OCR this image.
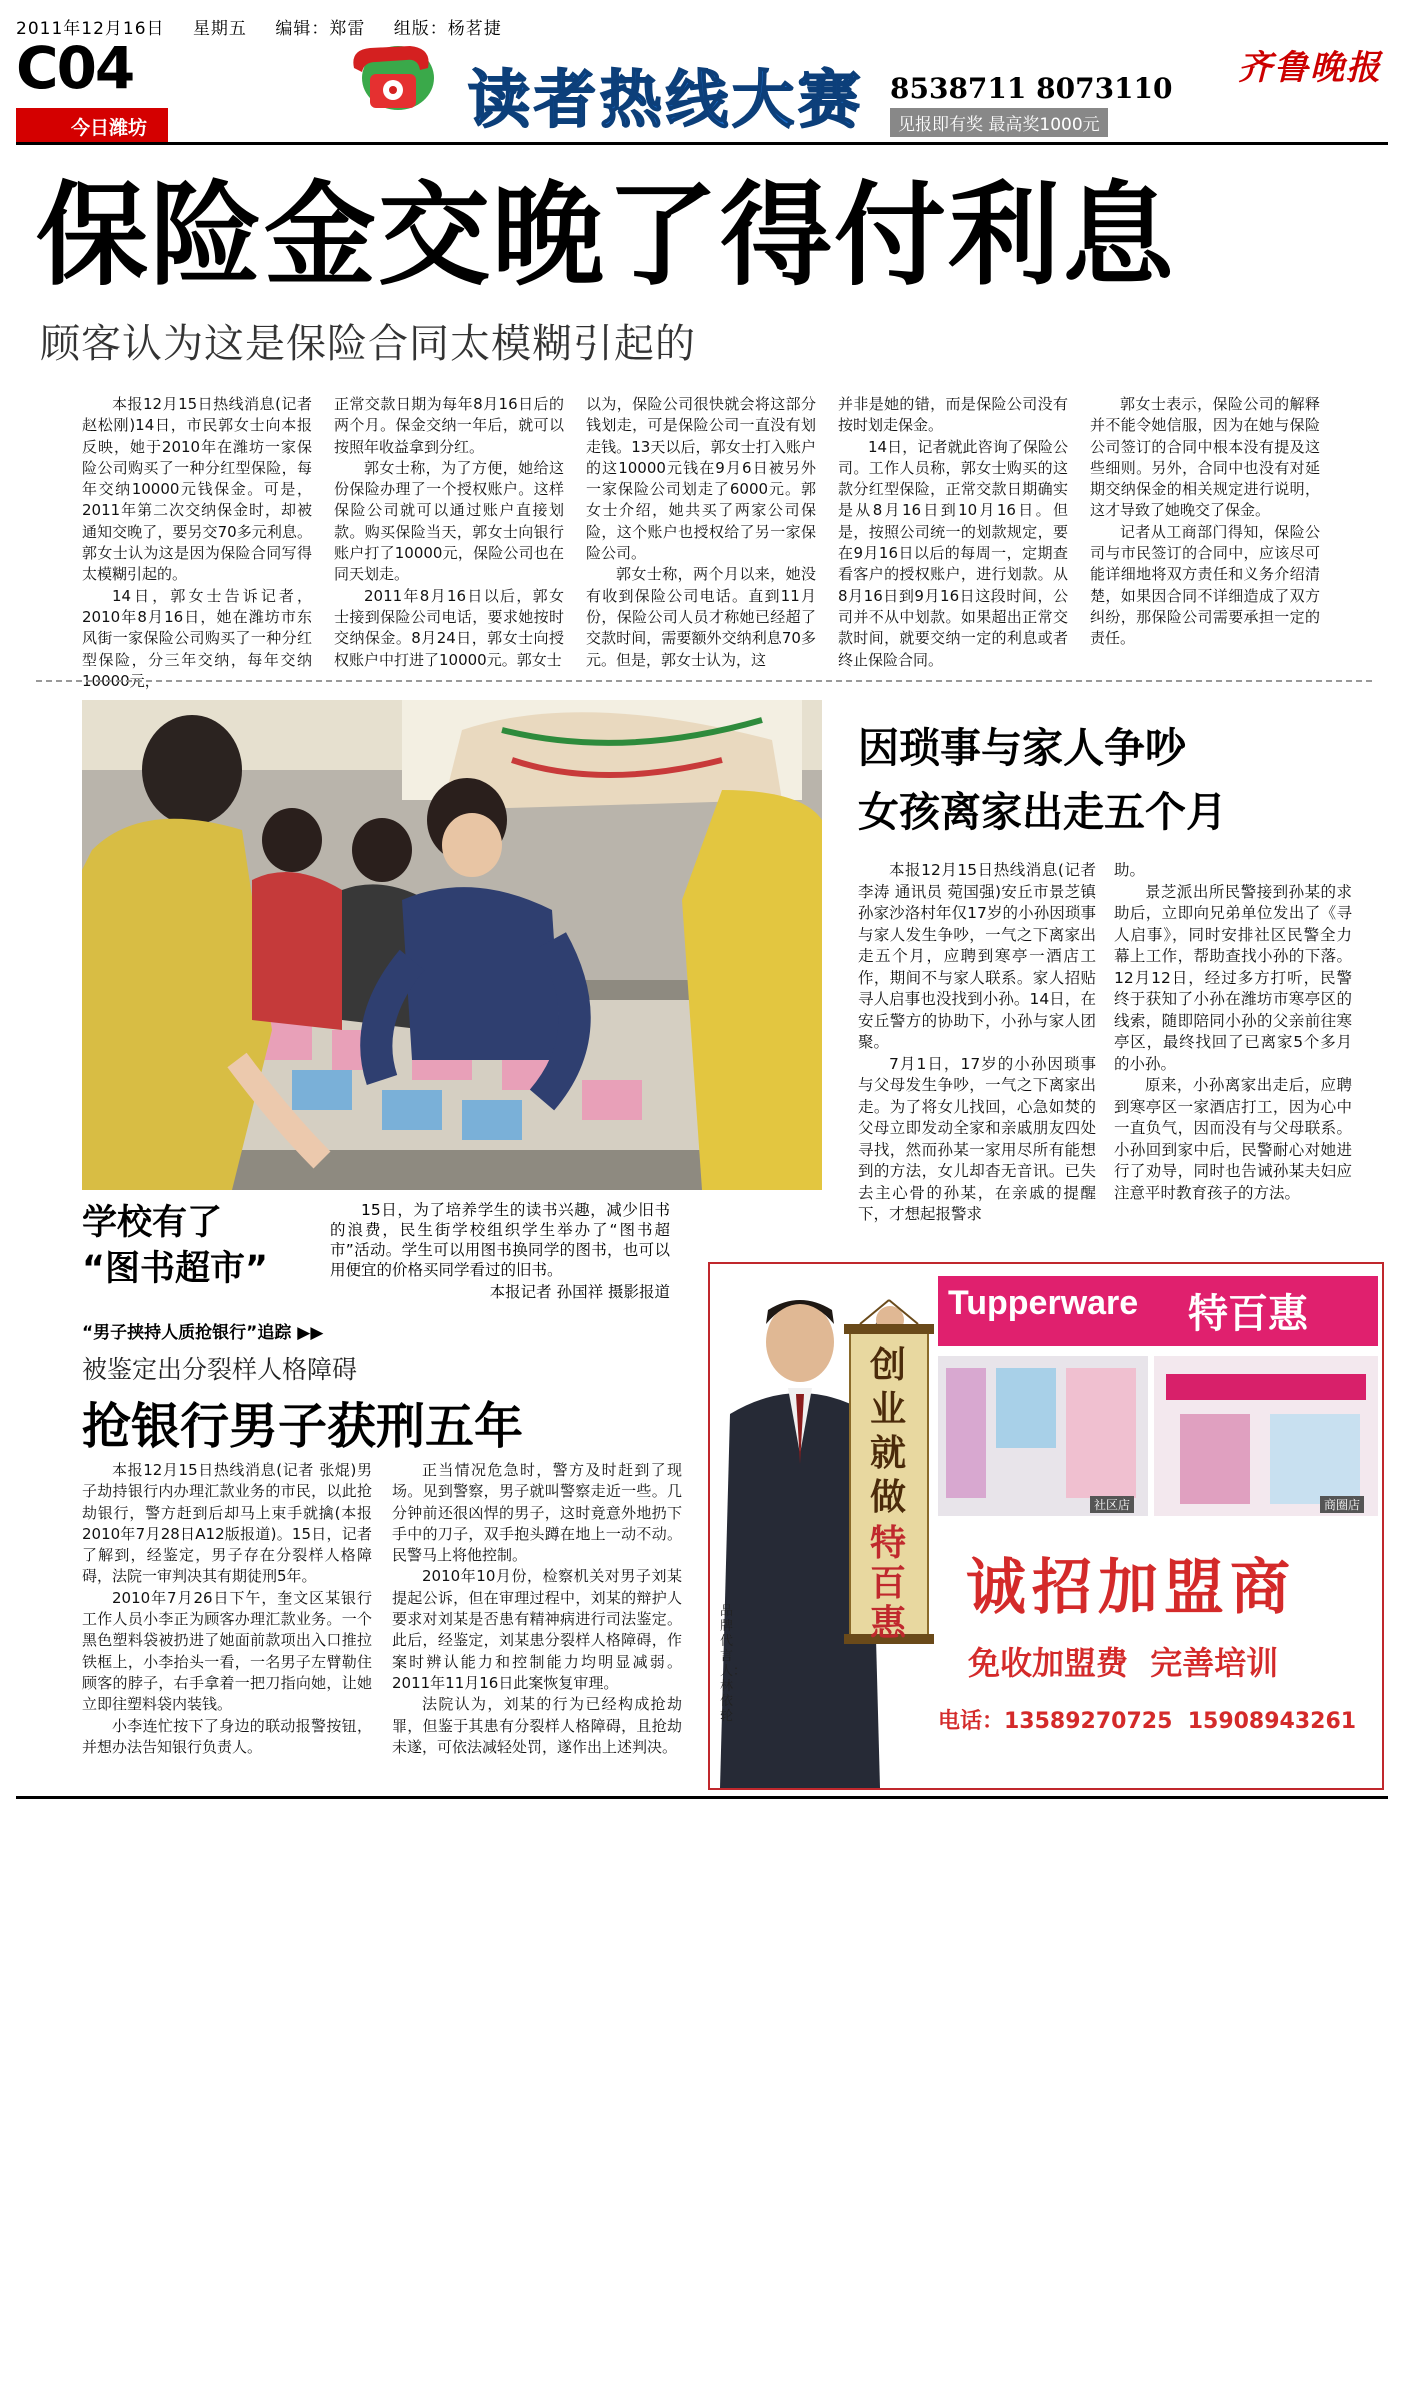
2011年12月16日 星期五 编辑：郑雷 组版：杨茗捷
C04
今日潍坊
齐鲁晚报
读者热线大赛 8538711 8073110
见报即有奖 最高奖1000元
保险金交晚了得付利息
顾客认为这是保险合同太模糊引起的

本报12月15日热线消息(记者 赵松刚)14日，市民郭女士向本报反映，她于2010年在潍坊一家保险公司购买了一种分红型保险，每年交纳10000元钱保金。可是，2011年第二次交纳保金时，却被通知交晚了，要另交70多元利息。郭女士认为这是因为保险合同写得太模糊引起的。

14日，郭女士告诉记者，2010年8月16日，她在潍坊市东风街一家保险公司购买了一种分红型保险，分三年交纳，每年交纳10000元，

正常交款日期为每年8月16日后的两个月。保金交纳一年后，就可以按照年收益拿到分红。

郭女士称，为了方便，她给这份保险办理了一个授权账户。这样保险公司就可以通过账户直接划款。购买保险当天，郭女士向银行账户打了10000元，保险公司也在同天划走。

2011年8月16日以后，郭女士接到保险公司电话，要求她按时交纳保金。8月24日，郭女士向授权账户中打进了10000元。郭女士

以为，保险公司很快就会将这部分钱划走，可是保险公司一直没有划走钱。13天以后，郭女士打入账户的这10000元钱在9月6日被另外一家保险公司划走了6000元。郭女士介绍，她共买了两家公司保险，这个账户也授权给了另一家保险公司。

郭女士称，两个月以来，她没有收到保险公司电话。直到11月份，保险公司人员才称她已经超了交款时间，需要额外交纳利息70多元。但是，郭女士认为，这

并非是她的错，而是保险公司没有按时划走保金。

14日，记者就此咨询了保险公司。工作人员称，郭女士购买的这款分红型保险，正常交款日期确实是从8月16日到10月16日。但是，按照公司统一的划款规定，要在9月16日以后的每周一，定期查看客户的授权账户，进行划款。从8月16日到9月16日这段时间，公司并不从中划款。如果超出正常交款时间，就要交纳一定的利息或者终止保险合同。

郭女士表示，保险公司的解释并不能令她信服，因为在她与保险公司签订的合同中根本没有提及这些细则。另外，合同中也没有对延期交纳保金的相关规定进行说明，这才导致了她晚交了保金。

记者从工商部门得知，保险公司与市民签订的合同中，应该尽可能详细地将双方责任和义务介绍清楚，如果因合同不详细造成了双方纠纷，那保险公司需要承担一定的责任。

学校有了
“图书超市”

15日，为了培养学生的读书兴趣，减少旧书的浪费，民生街学校组织学生举办了“图书超市”活动。学生可以用图书换同学的图书，也可以用便宜的价格买同学看过的旧书。

本报记者 孙国祥 摄影报道

因琐事与家人争吵
女孩离家出走五个月

本报12月15日热线消息(记者 李涛 通讯员 菀国强)安丘市景芝镇孙家沙洛村年仅17岁的小孙因琐事与家人发生争吵，一气之下离家出走五个月，应聘到寒亭一酒店工作，期间不与家人联系。家人招贴寻人启事也没找到小孙。14日，在安丘警方的协助下，小孙与家人团聚。

7月1日，17岁的小孙因琐事与父母发生争吵，一气之下离家出走。为了将女儿找回，心急如焚的父母立即发动全家和亲戚朋友四处寻找，然而孙某一家用尽所有能想到的方法，女儿却杳无音讯。已失去主心骨的孙某，在亲戚的提醒下，才想起报警求

助。

景芝派出所民警接到孙某的求助后，立即向兄弟单位发出了《寻人启事》，同时安排社区民警全力幕上工作，帮助查找小孙的下落。12月12日，经过多方打听，民警终于获知了小孙在潍坊市寒亭区的线索，随即陪同小孙的父亲前往寒亭区，最终找回了已离家5个多月的小孙。

原来，小孙离家出走后，应聘到寒亭区一家酒店打工，因为心中一直负气，因而没有与父母联系。小孙回到家中后，民警耐心对她进行了劝导，同时也告诫孙某夫妇应注意平时教育孩子的方法。

“男子挟持人质抢银行”追踪 ▶▶
被鉴定出分裂样人格障碍
抢银行男子获刑五年

本报12月15日热线消息(记者 张焜)男子劫持银行内办理汇款业务的市民，以此抢劫银行，警方赶到后却马上束手就擒(本报2010年7月28日A12版报道)。15日，记者了解到，经鉴定，男子存在分裂样人格障碍，法院一审判决其有期徒刑5年。

2010年7月26日下午，奎文区某银行工作人员小李正为顾客办理汇款业务。一个黑色塑料袋被扔进了她面前款项出入口推拉铁框上，小李抬头一看，一名男子左臂勒住顾客的脖子，右手拿着一把刀指向她，让她立即往塑料袋内装钱。

小李连忙按下了身边的联动报警按钮，并想办法告知银行负责人。

正当情况危急时，警方及时赶到了现场。见到警察，男子就叫警察走近一些。几分钟前还很凶悍的男子，这时竟意外地扔下手中的刀子，双手抱头蹲在地上一动不动。民警马上将他控制。

2010年10月份，检察机关对男子刘某提起公诉，但在审理过程中，刘某的辩护人要求对刘某是否患有精神病进行司法鉴定。此后，经鉴定，刘某患分裂样人格障碍，作案时辨认能力和控制能力均明显减弱。2011年11月16日此案恢复审理。

法院认为，刘某的行为已经构成抢劫罪，但鉴于其患有分裂样人格障碍，且抢劫未遂，可依法减轻处罚，遂作出上述判决。

Tupperware 特百惠
创业就做
特百惠
品牌代言人：林依轮
社区店	商圈店
诚招加盟商
免收加盟费  完善培训
电话：13589270725  15908943261
